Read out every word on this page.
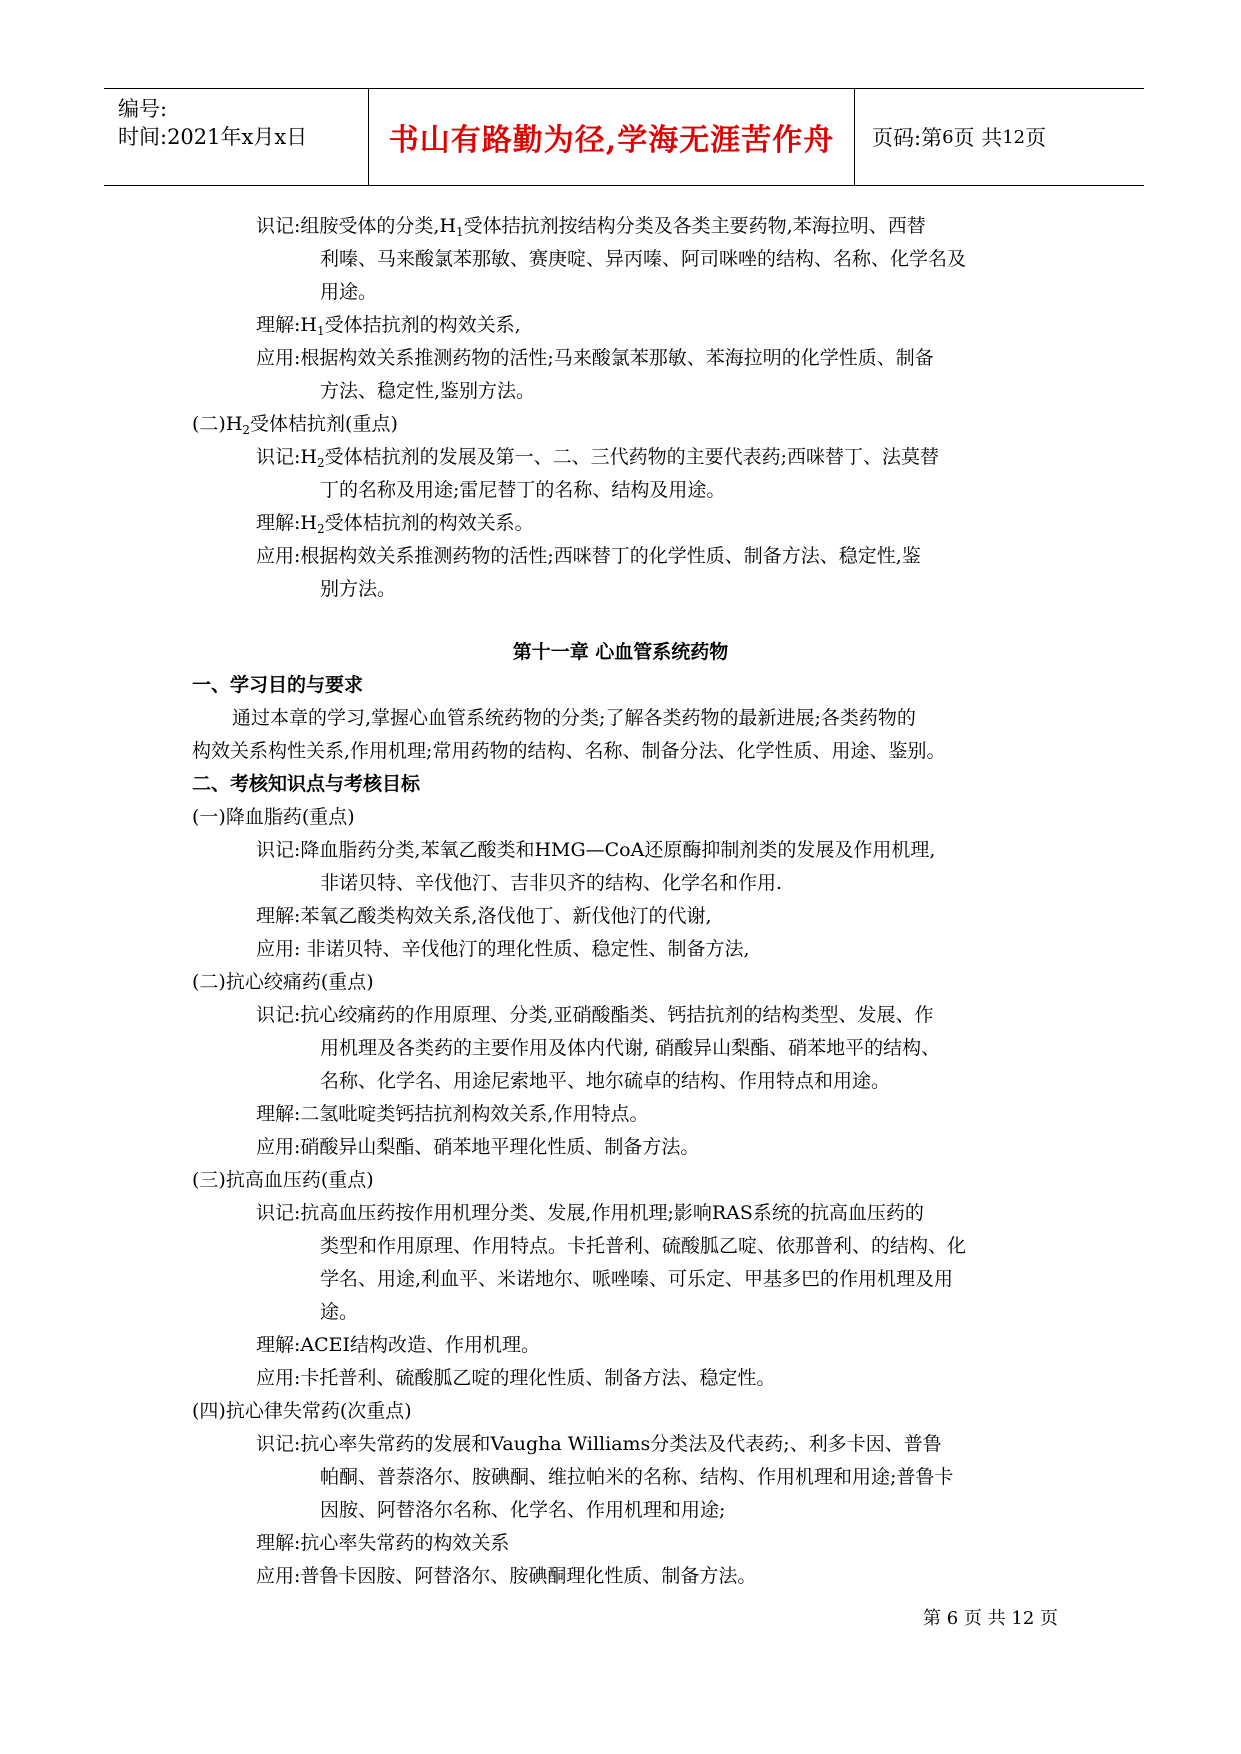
编号:
时间:2021年x月x日	书山有路勤为径,学海无涯苦作舟 页码:第 6 页 共 12 页
识记:组胺受体的分类$,H_1$受体拮抗剂按结构分类及各类主要药物,苯海拉明、西替
利嗪、马来酸氯苯那敏、赛庚啶、异丙嗪、阿司咪唑的结构、名称、化学名及
用途。
理解$:H_1$受体拮抗剂的构效关系,
应用:根据构效关系推测药物的活性;马来酸氯苯那敏、苯海拉明的化学性质、制备
方法、稳定性,鉴别方法。
(二)$H_2$受体桔抗剂(重点)
识记$:H_2$受体桔抗剂的发展及第一、二、三代药物的主要代表药;西咪替丁、法莫替
丁的名称及用途;雷尼替丁的名称、结构及用途。
理解$:H_2$受体桔抗剂的构效关系。
应用:根据构效关系推测药物的活性;西咪替丁的化学性质、制备方法、稳定性,鉴
别方法。
第十一章 心血管系统药物
一、学习目的与要求
通过本章的学习,掌握心血管系统药物的分类;了解各类药物的最新进展;各类药物的
构效关系构性关系,作用机理;常用药物的结构、名称、制备分法、化学性质、用途、鉴别。
二、考核知识点与考核目标
(一)降血脂药(重点)
识记:降血脂药分类,苯氧乙酸类和HMG—CoA还原酶抑制剂类的发展及作用机理,
非诺贝特、辛伐他汀、吉非贝齐的结构、化学名和作用.
理解:苯氧乙酸类构效关系,洛伐他丁、新伐他汀的代谢,
应用: 非诺贝特、辛伐他汀的理化性质、稳定性、制备方法,
(二)抗心绞痛药(重点)
识记:抗心绞痛药的作用原理、分类,亚硝酸酯类、钙拮抗剂的结构类型、发展、作
用机理及各类药的主要作用及体内代谢, 硝酸异山梨酯、硝苯地平的结构、
名称、化学名、用途尼索地平、地尔硫卓的结构、作用特点和用途。
理解:二氢吡啶类钙拮抗剂构效关系,作用特点。
应用:硝酸异山梨酯、硝苯地平理化性质、制备方法。
(三)抗高血压药(重点)
识记:抗高血压药按作用机理分类、发展,作用机理;影响RAS系统的抗高血压药的
类型和作用原理、作用特点。卡托普利、硫酸胍乙啶、依那普利、的结构、化
学名、用途,利血平、米诺地尔、哌唑嗪、可乐定、甲基多巴的作用机理及用
途。
理解:ACEI结构改造、作用机理。
应用:卡托普利、硫酸胍乙啶的理化性质、制备方法、稳定性。
(四)抗心律失常药(次重点)
识记:抗心率失常药的发展和Vaugha Williams分类法及代表药;、利多卡因、普鲁
帕酮、普萘洛尔、胺碘酮、维拉帕米的名称、结构、作用机理和用途;普鲁卡
因胺、阿替洛尔名称、化学名、作用机理和用途;
理解:抗心率失常药的构效关系
应用:普鲁卡因胺、阿替洛尔、胺碘酮理化性质、制备方法。
第 6 页 共 12 页
